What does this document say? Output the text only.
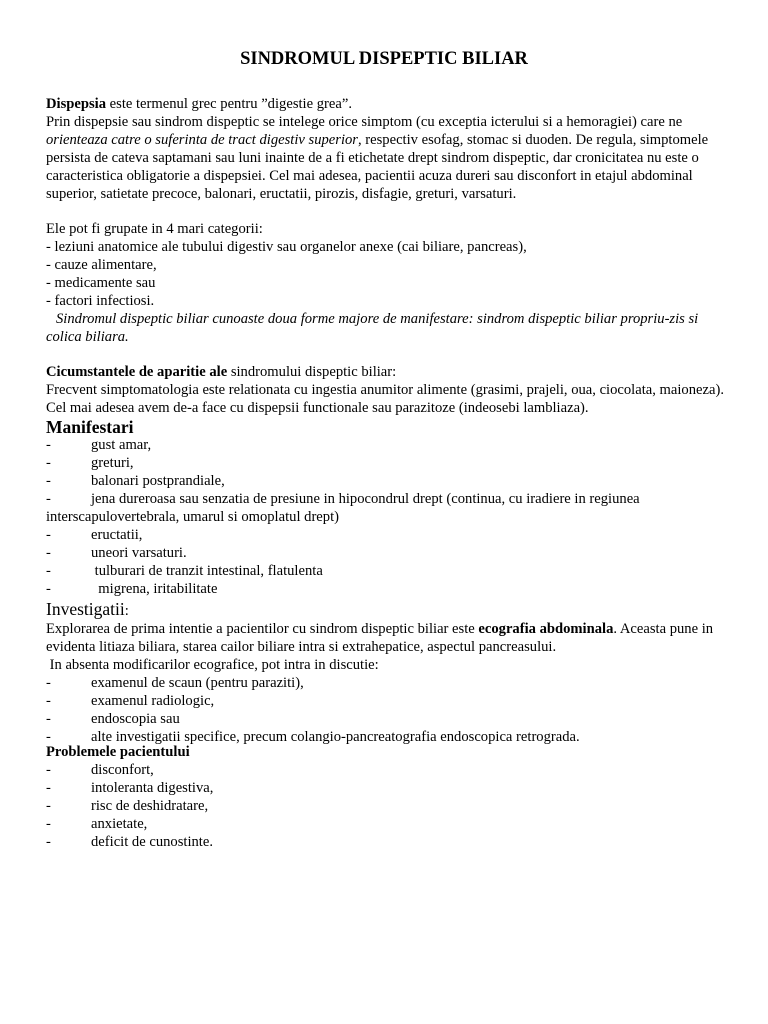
SINDROMUL DISPEPTIC BILIAR

Dispepsia este termenul grec pentru ”digestie grea”.

Prin dispepsie sau sindrom dispeptic se intelege orice simptom (cu exceptia icterului si a hemoragiei) care ne orienteaza catre o suferinta de tract digestiv superior, respectiv esofag, stomac si duoden. De regula, simptomele persista de cateva saptamani sau luni inainte de a fi etichetate drept sindrom dispeptic, dar cronicitatea nu este o caracteristica obligatorie a dispepsiei. Cel mai adesea, pacientii acuza dureri sau disconfort in etajul abdominal superior, satietate precoce, balonari, eructatii, pirozis, disfagie, greturi, varsaturi.

Ele pot fi grupate in 4 mari categorii:

- leziuni anatomice ale tubului digestiv sau organelor anexe (cai biliare, pancreas),

- cauze alimentare,

- medicamente sau

- factori infectiosi.

Sindromul dispeptic biliar cunoaste doua forme majore de manifestare: sindrom dispeptic biliar propriu-zis si colica biliara.

Cicumstantele de aparitie ale sindromului dispeptic biliar:

Frecvent simptomatologia este relationata cu ingestia anumitor alimente (grasimi, prajeli, oua, ciocolata, maioneza). Cel mai adesea avem de-a face cu dispepsii functionale sau parazitoze (indeosebi lambliaza).

Manifestari

-	gust amar,
-	greturi,
-	balonari postprandiale,

-	jena dureroasa sau senzatia de presiune in hipocondrul drept (continua, cu iradiere in regiunea interscapulovertebrala, umarul si omoplatul drept)

-	eructatii,
-	uneori varsaturi.
-	tulburari de tranzit intestinal, flatulenta
-	migrena, iritabilitate

Investigatii:

Explorarea de prima intentie a pacientilor cu sindrom dispeptic biliar este ecografia abdominala. Aceasta pune in evidenta litiaza biliara, starea cailor biliare intra si extrahepatice, aspectul pancreasului.

In absenta modificarilor ecografice, pot intra in discutie:

-	examenul de scaun (pentru paraziti),
-	examenul radiologic,
-	endoscopia sau
-	alte investigatii specifice, precum colangio-pancreatografia endoscopica retrograda.

Problemele pacientului

-	disconfort,
-	intoleranta digestiva,
-	risc de deshidratare,
-	anxietate,
-	deficit de cunostinte.
